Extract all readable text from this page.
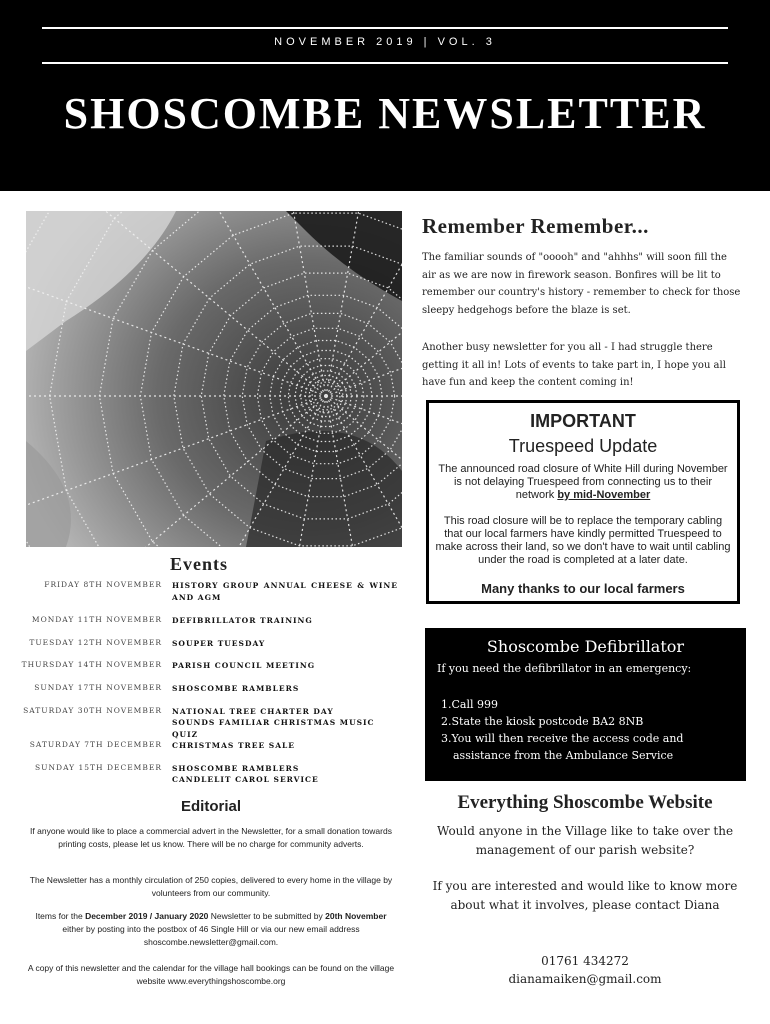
NOVEMBER 2019 | VOL. 3
SHOSCOMBE NEWSLETTER
Events
FRIDAY 8TH NOVEMBER HISTORY GROUP ANNUAL CHEESE & WINE AND AGM
MONDAY 11TH NOVEMBER DEFIBRILLATOR TRAINING
TUESDAY 12TH NOVEMBER SOUPER TUESDAY
THURSDAY 14TH NOVEMBER PARISH COUNCIL MEETING
SUNDAY 17TH NOVEMBER SHOSCOMBE RAMBLERS
SATURDAY 30TH NOVEMBER NATIONAL TREE CHARTER DAY
SOUNDS FAMILIAR CHRISTMAS MUSIC QUIZ
SATURDAY 7TH DECEMBER CHRISTMAS TREE SALE
SUNDAY 15TH DECEMBER SHOSCOMBE RAMBLERS
CANDLELIT CAROL SERVICE
Editorial

If anyone would like to place a commercial advert in the Newsletter, for a small donation towards printing costs, please let us know. There will be no charge for community adverts.

The Newsletter has a monthly circulation of 250 copies, delivered to every home in the village by volunteers from our community.

Items for the December 2019 / January 2020 Newsletter to be submitted by 20th November either by posting into the postbox of 46 Single Hill or via our new email address shoscombe.newsletter@gmail.com.

A copy of this newsletter and the calendar for the village hall bookings can be found on the village website www.everythingshoscombe.org

Remember Remember...

The familiar sounds of "ooooh" and "ahhhs" will soon fill the air as we are now in firework season. Bonfires will be lit to remember our country's history - remember to check for those sleepy hedgehogs before the blaze is set.

Another busy newsletter for you all - I had struggle there getting it all in! Lots of events to take part in, I hope you all have fun and keep the content coming in!

IMPORTANT
Truespeed Update

The announced road closure of White Hill during November is not delaying Truespeed from connecting us to their network by mid-November

This road closure will be to replace the temporary cabling that our local farmers have kindly permitted Truespeed to make across their land, so we don't have to wait until cabling under the road is completed at a later date.

Many thanks to our local farmers
Shoscombe Defibrillator
If you need the defibrillator in an emergency:
1.Call 999
2.State the kiosk postcode BA2 8NB
3.You will then receive the access code and
assistance from the Ambulance Service
Everything Shoscombe Website

Would anyone in the Village like to take over the management of our parish website?

If you are interested and would like to know more about what it involves, please contact Diana

01761 434272

dianamaiken@gmail.com
